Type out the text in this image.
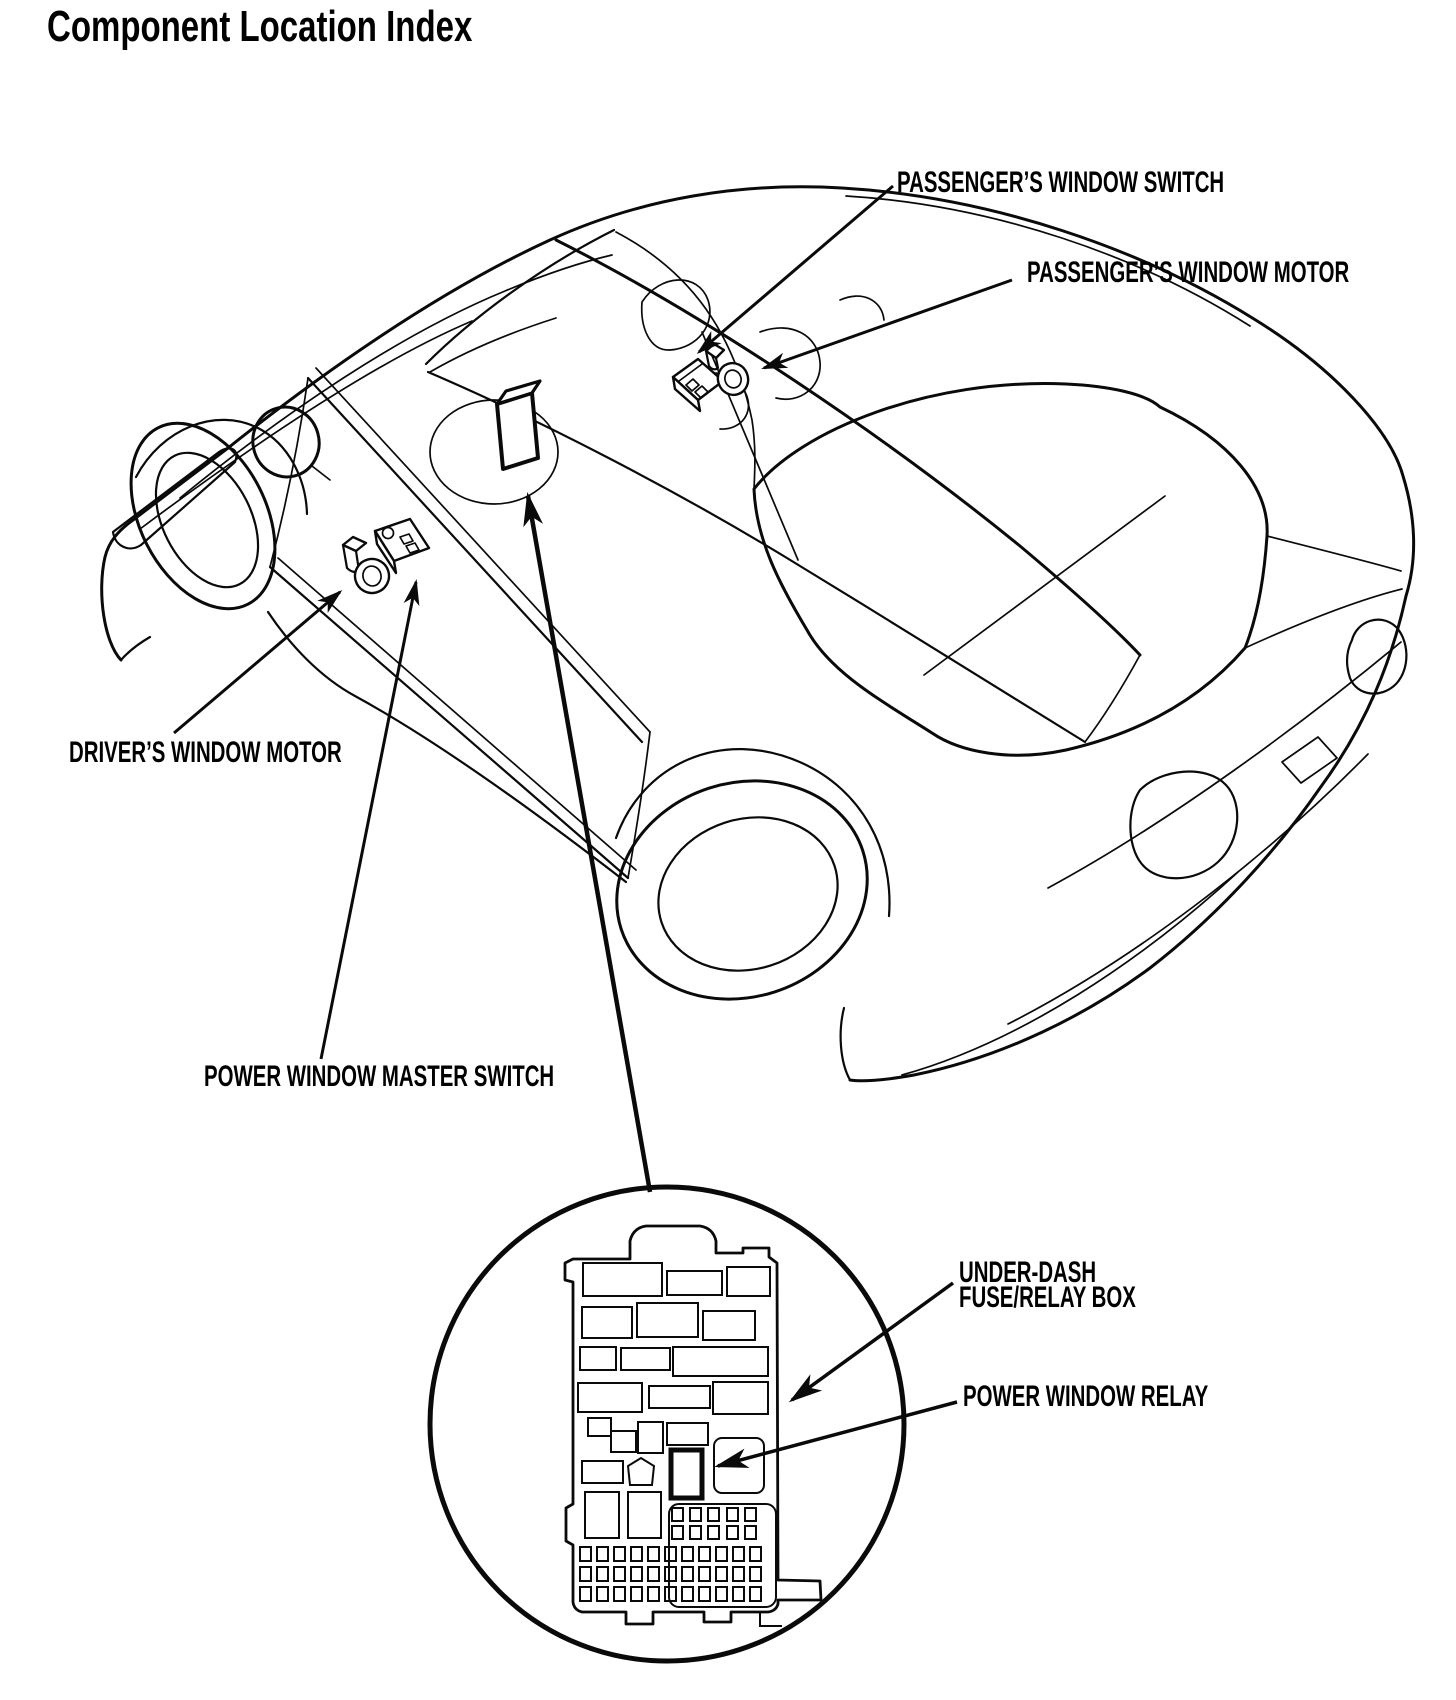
Component Location Index
PASSENGER’S WINDOW SWITCH
PASSENGER’S WINDOW MOTOR
DRIVER’S WINDOW MOTOR
POWER WINDOW MASTER SWITCH
UNDER-DASH
FUSE/RELAY BOX
POWER WINDOW RELAY
